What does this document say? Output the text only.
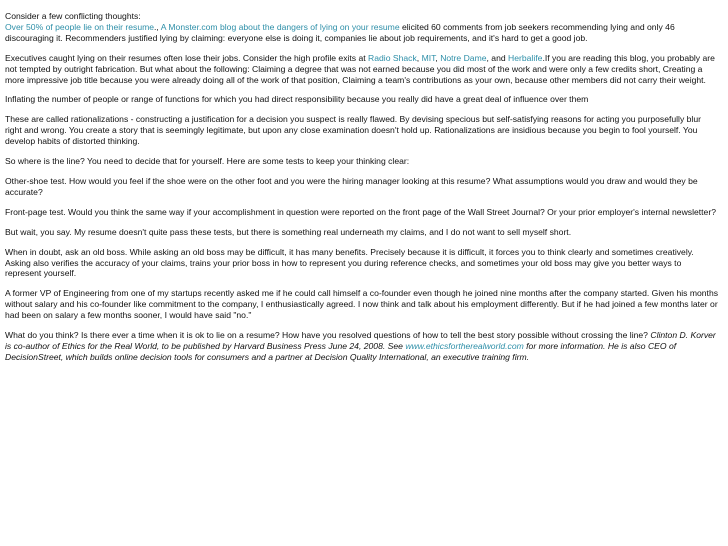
Consider a few conflicting thoughts:
Over 50% of people lie on their resume., A Monster.com blog about the dangers of lying on your resume elicited 60 comments from job seekers recommending lying and only 46 discouraging it. Recommenders justified lying by claiming: everyone else is doing it, companies lie about job requirements, and it's hard to get a good job.

Executives caught lying on their resumes often lose their jobs. Consider the high profile exits at Radio Shack, MIT, Notre Dame, and Herbalife.If you are reading this blog, you probably are not tempted by outright fabrication. But what about the following: Claiming a degree that was not earned because you did most of the work and were only a few credits short, Creating a more impressive job title because you were already doing all of the work of that position, Claiming a team's contributions as your own, because other members did not carry their weight.

Inflating the number of people or range of functions for which you had direct responsibility because you really did have a great deal of influence over them

These are called rationalizations - constructing a justification for a decision you suspect is really flawed. By devising specious but self-satisfying reasons for acting you purposefully blur right and wrong. You create a story that is seemingly legitimate, but upon any close examination doesn't hold up. Rationalizations are insidious because you begin to fool yourself. You develop habits of distorted thinking.

So where is the line? You need to decide that for yourself. Here are some tests to keep your thinking clear:

Other-shoe test. How would you feel if the shoe were on the other foot and you were the hiring manager looking at this resume? What assumptions would you draw and would they be accurate?

Front-page test. Would you think the same way if your accomplishment in question were reported on the front page of the Wall Street Journal? Or your prior employer's internal newsletter?

But wait, you say. My resume doesn't quite pass these tests, but there is something real underneath my claims, and I do not want to sell myself short.

When in doubt, ask an old boss. While asking an old boss may be difficult, it has many benefits. Precisely because it is difficult, it forces you to think clearly and sometimes creatively. Asking also verifies the accuracy of your claims, trains your prior boss in how to represent you during reference checks, and sometimes your old boss may give you better ways to represent yourself.

A former VP of Engineering from one of my startups recently asked me if he could call himself a co-founder even though he joined nine months after the company started. Given his months without salary and his co-founder like commitment to the company, I enthusiastically agreed. I now think and talk about his employment differently. But if he had joined a few months later or had been on salary a few months sooner, I would have said "no."

What do you think? Is there ever a time when it is ok to lie on a resume? How have you resolved questions of how to tell the best story possible without crossing the line? Clinton D. Korver is co-author of Ethics for the Real World, to be published by Harvard Business Press June 24, 2008. See www.ethicsfortherealworld.com for more information. He is also CEO of DecisionStreet, which builds online decision tools for consumers and a partner at Decision Quality International, an executive training firm.
